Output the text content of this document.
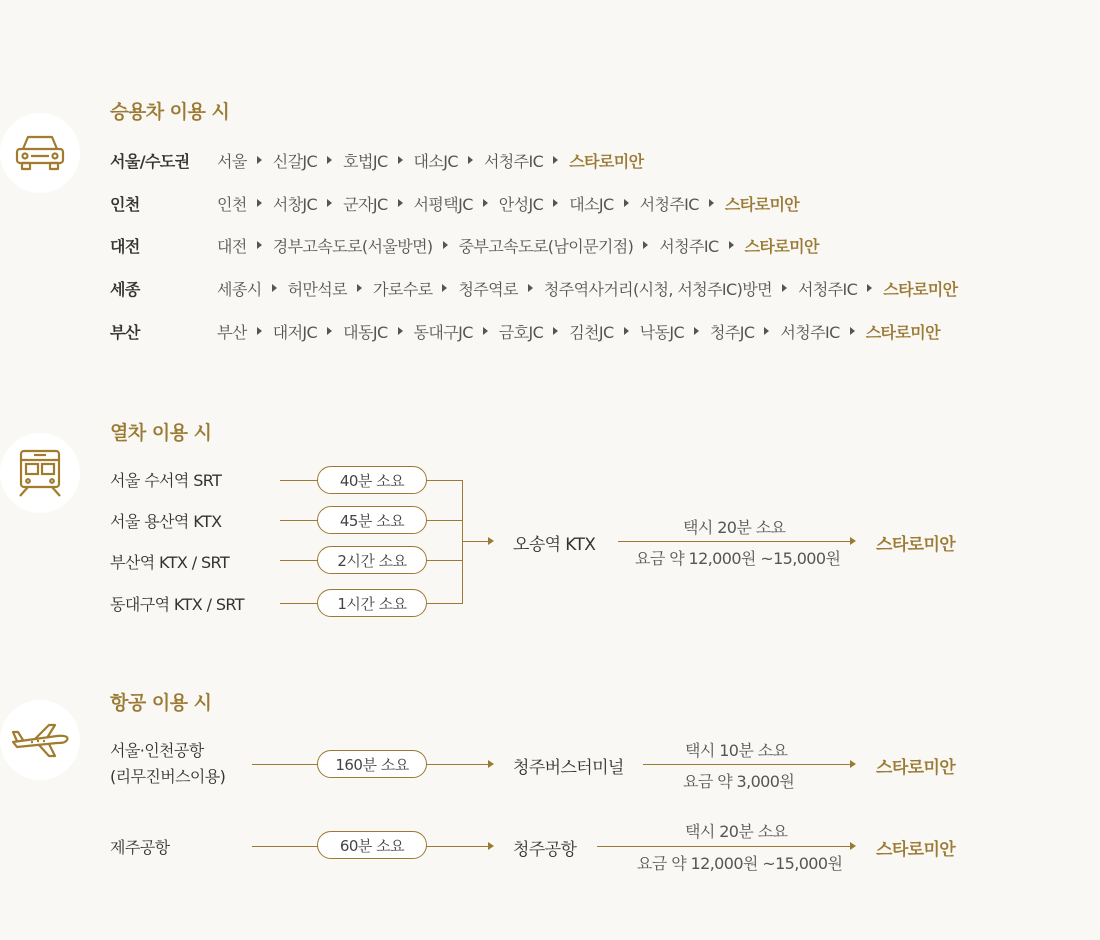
승용차 이용 시
서울/수도권	서울 신갈JC 호법JC 대소JC 서청주IC 스타로미안
인천	인천 서창JC 군자JC 서평택JC 안성JC 대소JC 서청주IC 스타로미안
대전	대전 경부고속도로(서울방면) 중부고속도로(남이문기점) 서청주IC 스타로미안
세종	세종시 허만석로 가로수로 청주역로 청주역사거리(시청, 서청주IC)방면 서청주IC 스타로미안
부산	부산 대저JC 대동JC 동대구JC 금호JC 김천JC 낙동JC 청주JC 서청주IC 스타로미안
열차 이용 시
서울 수서역 SRT
서울 용산역 KTX
부산역 KTX / SRT
동대구역 KTX / SRT
40분 소요
45분 소요
2시간 소요
1시간 소요
오송역 KTX
택시 20분 소요
요금 약 12,000원 ~15,000원
스타로미안
항공 이용 시
서울·인천공항
(리무진버스이용)
160분 소요	청주버스터미널
택시 10분 소요
요금 약 3,000원
스타로미안
제주공항	60분 소요	청주공항
택시 20분 소요
요금 약 12,000원 ~15,000원
스타로미안
